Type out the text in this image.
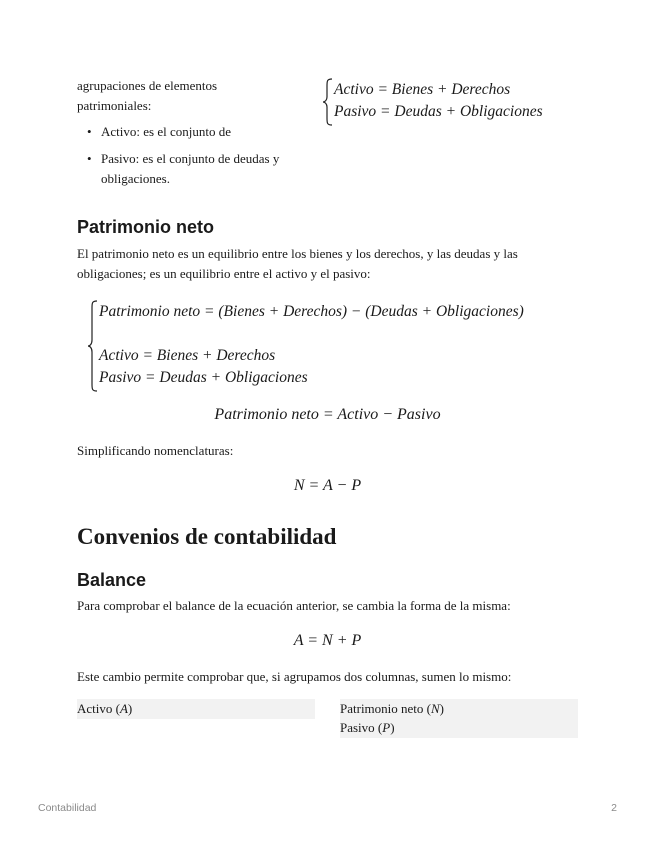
agrupaciones de elementos

patrimoniales:

• Activo: es el conjunto de
• Pasivo: es el conjunto de deudas y
obligaciones.
Activo = Bienes + Derechos
Pasivo = Deudas + Obligaciones
Patrimonio neto

El patrimonio neto es un equilibrio entre los bienes y los derechos, y las deudas y las

obligaciones; es un equilibrio entre el activo y el pasivo:

Patrimonio neto = (Bienes + Derechos) − (Deudas + Obligaciones)
Activo = Bienes + Derechos
Pasivo = Deudas + Obligaciones
Patrimonio neto = Activo − Pasivo

Simplificando nomenclaturas:

N = A − P
Convenios de contabilidad
Balance

Para comprobar el balance de la ecuación anterior, se cambia la forma de la misma:

A = N + P

Este cambio permite comprobar que, si agrupamos dos columnas, sumen lo mismo:

Activo (A)	Patrimonio neto (N)
Pasivo (P)
Contabilidad	2
